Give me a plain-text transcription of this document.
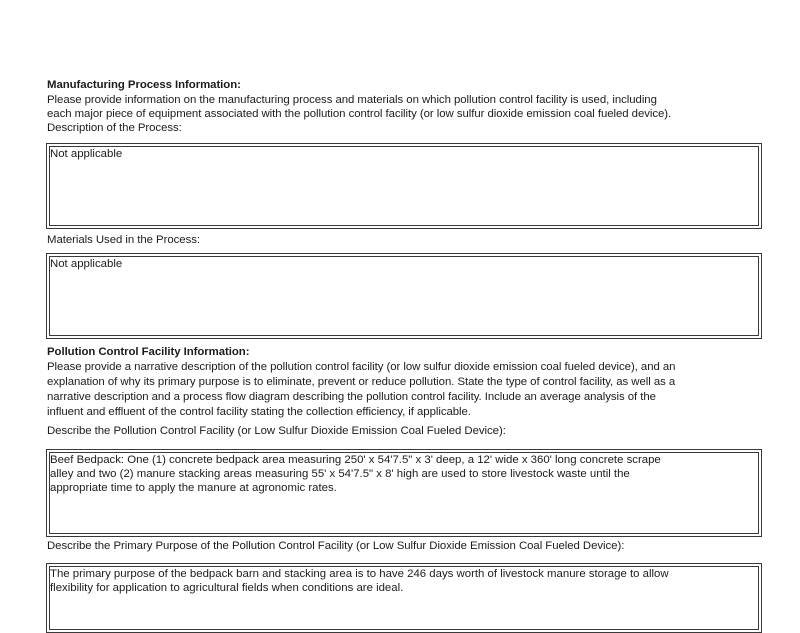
Manufacturing Process Information:
Please provide information on the manufacturing process and materials on which pollution control facility is used, including
each major piece of equipment associated with the pollution control facility (or low sulfur dioxide emission coal fueled device).
Description of the Process:
Not applicable
Materials Used in the Process:
Not applicable
Pollution Control Facility Information:
Please provide a narrative description of the pollution control facility (or low sulfur dioxide emission coal fueled device), and an
explanation of why its primary purpose is to eliminate, prevent or reduce pollution. State the type of control facility, as well as a
narrative description and a process flow diagram describing the pollution control facility. Include an average analysis of the
influent and effluent of the control facility stating the collection efficiency, if applicable.
Describe the Pollution Control Facility (or Low Sulfur Dioxide Emission Coal Fueled Device):
Beef Bedpack: One (1) concrete bedpack area measuring 250' x 54'7.5" x 3' deep, a 12' wide x 360' long concrete scrape
alley and two (2) manure stacking areas measuring 55' x 54'7.5" x 8' high are used to store livestock waste until the
appropriate time to apply the manure at agronomic rates.
Describe the Primary Purpose of the Pollution Control Facility (or Low Sulfur Dioxide Emission Coal Fueled Device):
The primary purpose of the bedpack barn and stacking area is to have 246 days worth of livestock manure storage to allow
flexibility for application to agricultural fields when conditions are ideal.
